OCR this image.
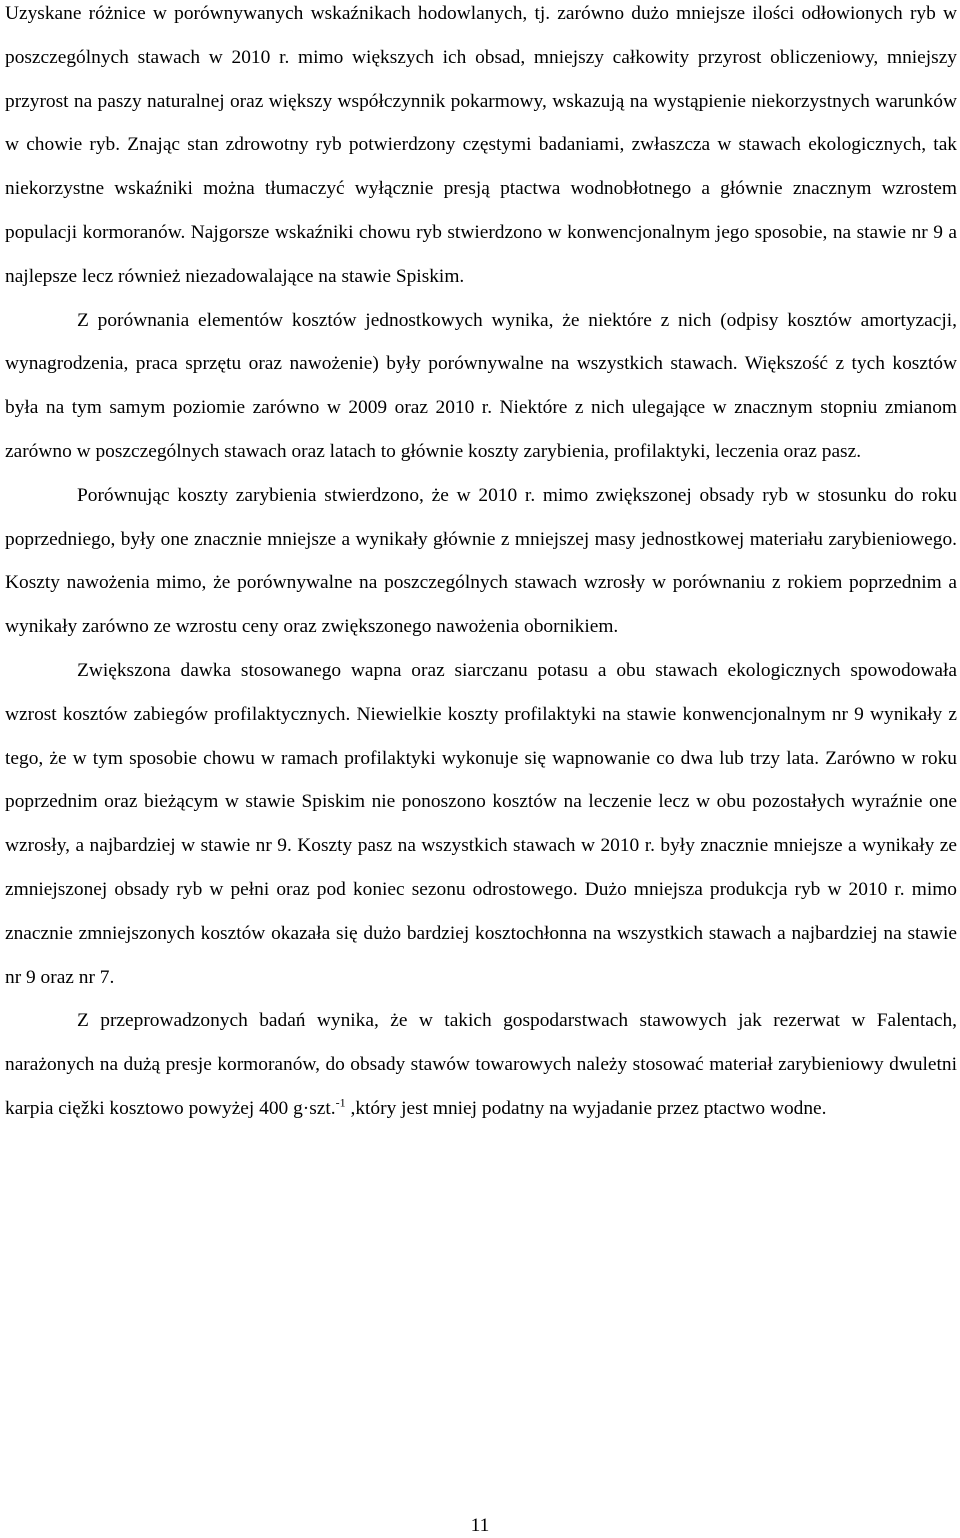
Uzyskane różnice w porównywanych wskaźnikach hodowlanych, tj. zarówno dużo mniejsze ilości odłowionych ryb w poszczególnych stawach w 2010 r. mimo większych ich obsad, mniejszy całkowity przyrost obliczeniowy, mniejszy przyrost na paszy naturalnej oraz większy współczynnik pokarmowy, wskazują na wystąpienie niekorzystnych warunków w chowie ryb. Znając stan zdrowotny ryb potwierdzony częstymi badaniami, zwłaszcza w stawach ekologicznych, tak niekorzystne wskaźniki można tłumaczyć wyłącznie presją ptactwa wodnobłotnego a głównie znacznym wzrostem populacji kormoranów. Najgorsze wskaźniki chowu ryb stwierdzono w konwencjonalnym jego sposobie, na stawie nr 9 a najlepsze lecz również niezadowalające na stawie Spiskim.

Z porównania elementów kosztów jednostkowych wynika, że niektóre z nich (odpisy kosztów amortyzacji, wynagrodzenia, praca sprzętu oraz nawożenie) były porównywalne na wszystkich stawach. Większość z tych kosztów była na tym samym poziomie zarówno w 2009 oraz 2010 r. Niektóre z nich ulegające w znacznym stopniu zmianom zarówno w poszczególnych stawach oraz latach to głównie koszty zarybienia, profilaktyki, leczenia oraz pasz.

Porównując koszty zarybienia stwierdzono, że w 2010 r. mimo zwiększonej obsady ryb w stosunku do roku poprzedniego, były one znacznie mniejsze a wynikały głównie z mniejszej masy jednostkowej materiału zarybieniowego. Koszty nawożenia mimo, że porównywalne na poszczególnych stawach wzrosły w porównaniu z rokiem poprzednim a wynikały zarówno ze wzrostu ceny oraz zwiększonego nawożenia obornikiem.

Zwiększona dawka stosowanego wapna oraz siarczanu potasu a obu stawach ekologicznych spowodowała wzrost kosztów zabiegów profilaktycznych. Niewielkie koszty profilaktyki na stawie konwencjonalnym nr 9 wynikały z tego, że w tym sposobie chowu w ramach profilaktyki wykonuje się wapnowanie co dwa lub trzy lata. Zarówno w roku poprzednim oraz bieżącym w stawie Spiskim nie ponoszono kosztów na leczenie lecz w obu pozostałych wyraźnie one wzrosły, a najbardziej w stawie nr 9. Koszty pasz na wszystkich stawach w 2010 r. były znacznie mniejsze a wynikały ze zmniejszonej obsady ryb w pełni oraz pod koniec sezonu odrostowego. Dużo mniejsza produkcja ryb w 2010 r. mimo znacznie zmniejszonych kosztów okazała się dużo bardziej kosztochłonna na wszystkich stawach a najbardziej na stawie nr 9 oraz nr 7.

Z przeprowadzonych badań wynika, że w takich gospodarstwach stawowych jak rezerwat w Falentach, narażonych na dużą presje kormoranów, do obsady stawów towarowych należy stosować materiał zarybieniowy dwuletni karpia cięžki kosztowo powyżej 400 g·szt.$^{-1}$ ,który jest mniej podatny na wyjadanie przez ptactwo wodne.

11
